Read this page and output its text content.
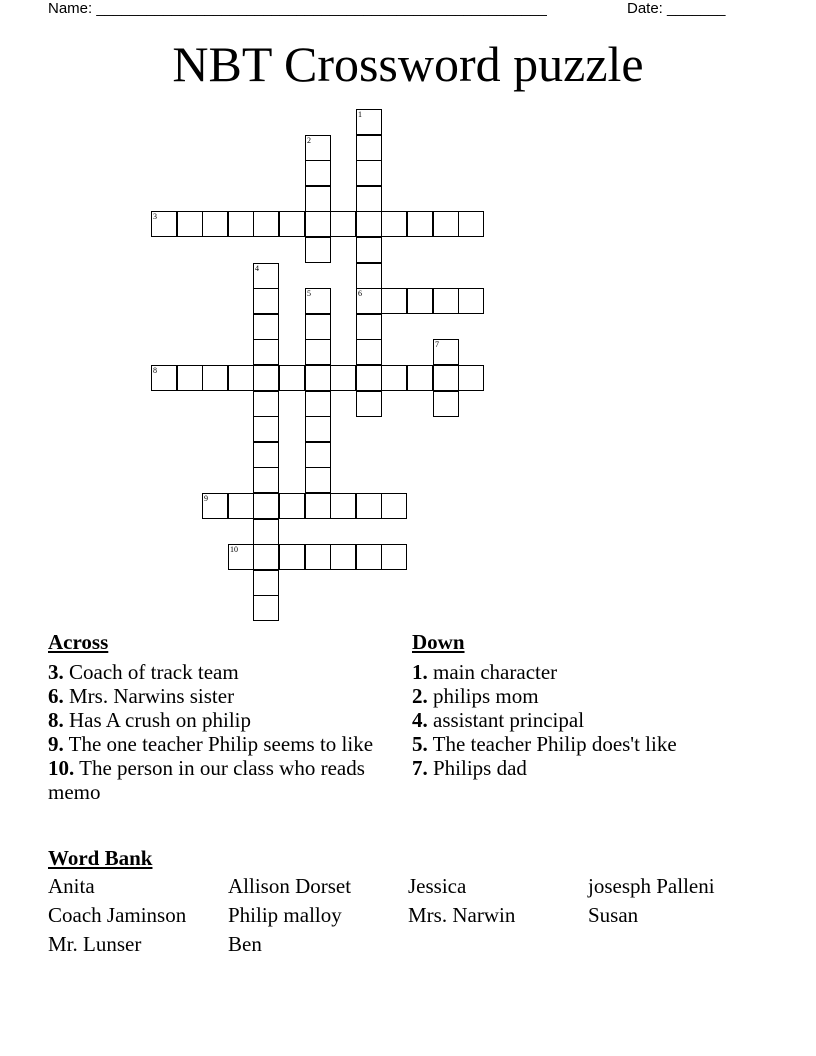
Name: ______________________________________________________	Date: _______
NBT Crossword puzzle
3
6
8
9
10
1
2
4
5
7
Across
3. Coach of track team
6. Mrs. Narwins sister
8. Has A crush on philip
9. The one teacher Philip seems to like
10. The person in our class who reads memo
Down
1. main character
2. philips mom
4. assistant principal
5. The teacher Philip does't like
7. Philips dad
Word Bank
Anita	Allison Dorset	Jessica	josesph Palleni
Coach Jaminson	Philip malloy	Mrs. Narwin	Susan
Mr. Lunser	Ben
